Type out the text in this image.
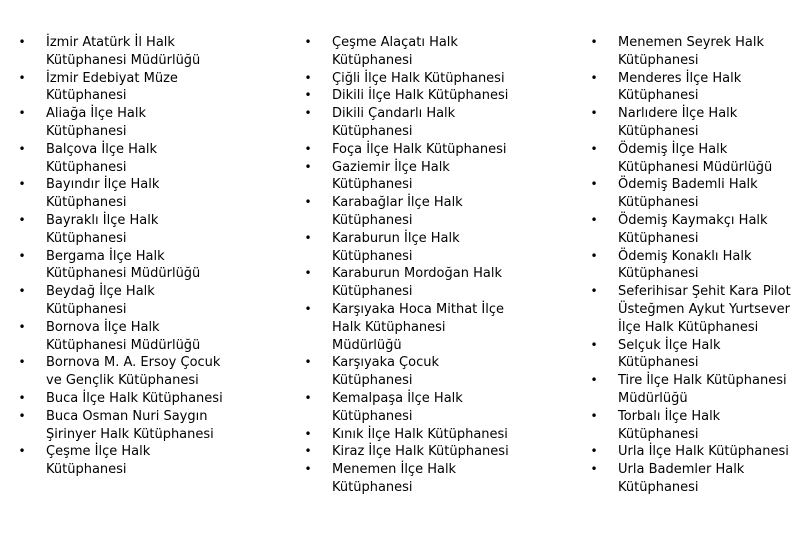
•	İzmir Atatürk İl Halk
Kütüphanesi Müdürlüğü
•	İzmir Edebiyat Müze
Kütüphanesi
•	Aliağa İlçe Halk
Kütüphanesi
•	Balçova İlçe Halk
Kütüphanesi
•	Bayındır İlçe Halk
Kütüphanesi
•	Bayraklı İlçe Halk
Kütüphanesi
•	Bergama İlçe Halk
Kütüphanesi Müdürlüğü
•	Beydağ İlçe Halk
Kütüphanesi
•	Bornova İlçe Halk
Kütüphanesi Müdürlüğü
•	Bornova M. A. Ersoy Çocuk
ve Gençlik Kütüphanesi
•	Buca İlçe Halk Kütüphanesi
•	Buca Osman Nuri Saygın
Şirinyer Halk Kütüphanesi
•	Çeşme İlçe Halk
Kütüphanesi
•	Çeşme Alaçatı Halk
Kütüphanesi
•	Çiğli İlçe Halk Kütüphanesi
•	Dikili İlçe Halk Kütüphanesi
•	Dikili Çandarlı Halk
Kütüphanesi
•	Foça İlçe Halk Kütüphanesi
•	Gaziemir İlçe Halk
Kütüphanesi
•	Karabağlar İlçe Halk
Kütüphanesi
•	Karaburun İlçe Halk
Kütüphanesi
•	Karaburun Mordoğan Halk
Kütüphanesi
•	Karşıyaka Hoca Mithat İlçe
Halk Kütüphanesi
Müdürlüğü
•	Karşıyaka Çocuk
Kütüphanesi
•	Kemalpaşa İlçe Halk
Kütüphanesi
•	Kınık İlçe Halk Kütüphanesi
•	Kiraz İlçe Halk Kütüphanesi
•	Menemen İlçe Halk
Kütüphanesi
•	Menemen Seyrek Halk
Kütüphanesi
•	Menderes İlçe Halk
Kütüphanesi
•	Narlıdere İlçe Halk
Kütüphanesi
•	Ödemiş İlçe Halk
Kütüphanesi Müdürlüğü
•	Ödemiş Bademli Halk
Kütüphanesi
•	Ödemiş Kaymakçı Halk
Kütüphanesi
•	Ödemiş Konaklı Halk
Kütüphanesi
•	Seferihisar Şehit Kara Pilot
Üsteğmen Aykut Yurtsever
İlçe Halk Kütüphanesi
•	Selçuk İlçe Halk
Kütüphanesi
•	Tire İlçe Halk Kütüphanesi
Müdürlüğü
•	Torbalı İlçe Halk
Kütüphanesi
•	Urla İlçe Halk Kütüphanesi
•	Urla Bademler Halk
Kütüphanesi
